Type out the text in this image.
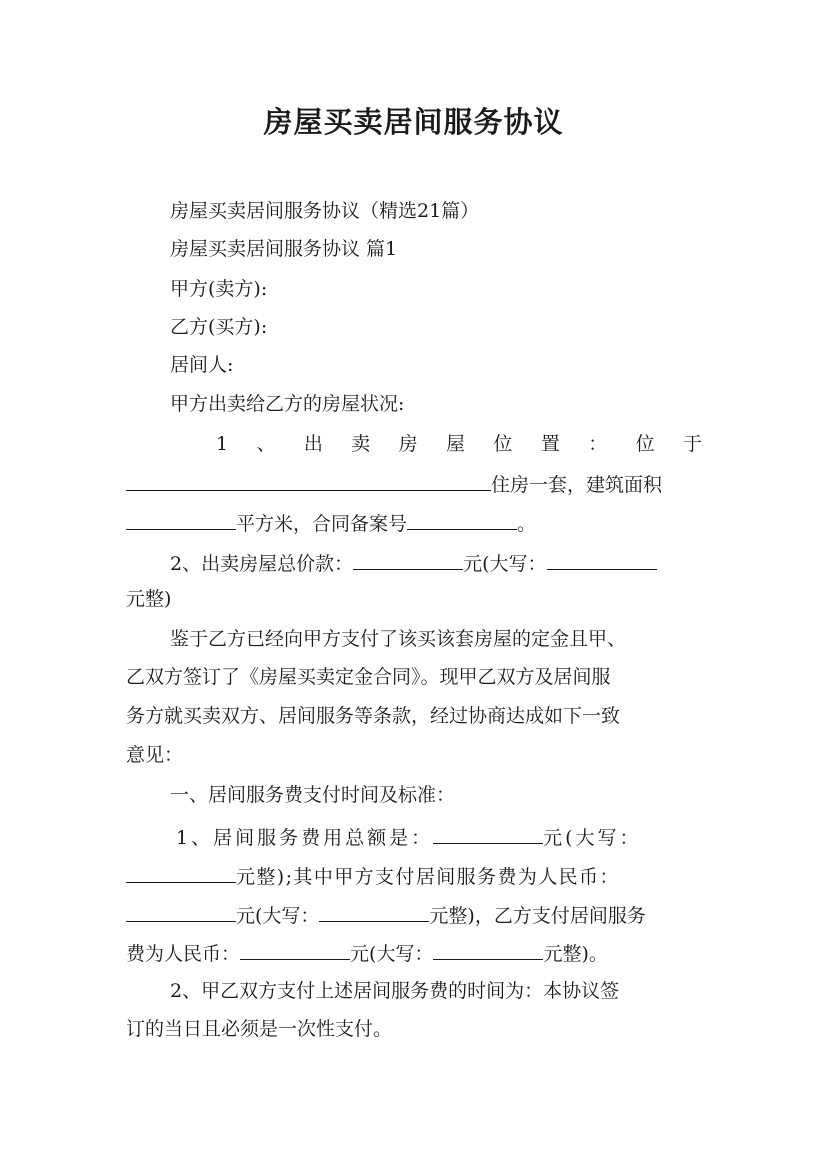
房屋买卖居间服务协议
房屋买卖居间服务协议（精选21篇）
房屋买卖居间服务协议 篇1
甲方(卖方):
乙方(买方):
居间人:
甲方出卖给乙方的房屋状况:
1 、 出 卖 房 屋 位 置 ： 位 于
住房一套，建筑面积
平方米，合同备案号	。
2、出卖房屋总价款：	元(大写：
元整)
鉴于乙方已经向甲方支付了该买该套房屋的定金且甲、
乙双方签订了《房屋买卖定金合同》。现甲乙双方及居间服
务方就买卖双方、居间服务等条款，经过协商达成如下一致
意见：
一、居间服务费支付时间及标准：
1、居间服务费用总额是：	元(大写：
元整);其中甲方支付居间服务费为人民币：
元(大写：	元整)，乙方支付居间服务
费为人民币：	元(大写：	元整)。
2、甲乙双方支付上述居间服务费的时间为：本协议签
订的当日且必须是一次性支付。
